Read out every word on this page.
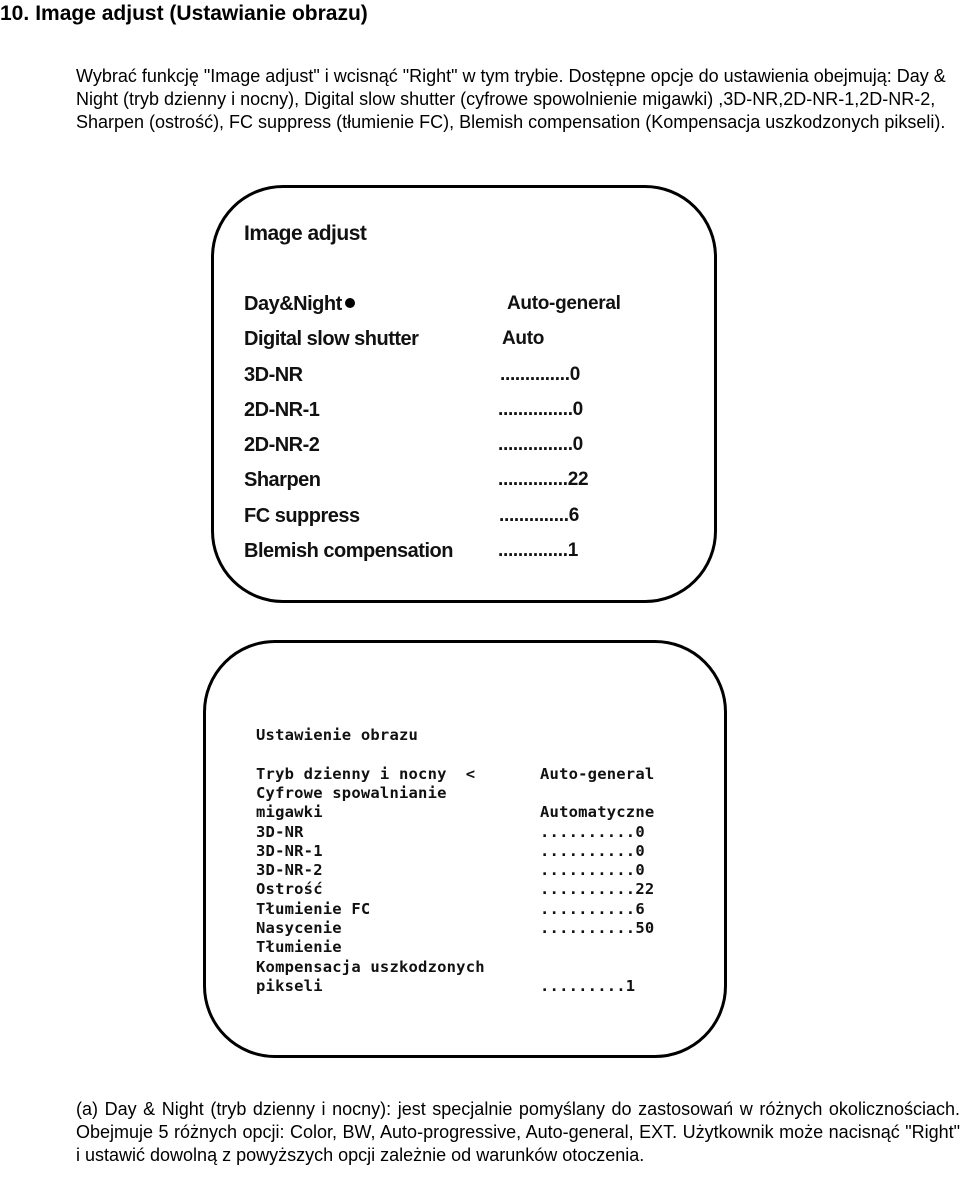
10. Image adjust (Ustawianie obrazu)

Wybrać funkcję "Image adjust" i wcisnąć "Right" w tym trybie. Dostępne opcje do ustawienia obejmują: Day & Night (tryb dzienny i nocny), Digital slow shutter (cyfrowe spowolnienie migawki) ,3D-NR,2D-NR-1,2D-NR-2, Sharpen (ostrość), FC suppress (tłumienie FC), Blemish compensation (Kompensacja uszkodzonych pikseli).

Image adjust
Day&Night	Auto-general
Digital slow shutter	Auto
3D-NR	..............0
2D-NR-1	...............0
2D-NR-2	...............0
Sharpen	..............22
FC suppress	..............6
Blemish compensation ..............1
Ustawienie obrazu
Tryb dzienny i nocny  <	Auto-general
Cyfrowe spowalnianie
migawki	Automatyczne
3D-NR	..........0
3D-NR-1	..........0
3D-NR-2	..........0
Ostrość	..........22
Tłumienie FC	..........6
Nasycenie	..........50
Tłumienie
Kompensacja uszkodzonych
pikseli	.........1

(a) Day & Night (tryb dzienny i nocny): jest specjalnie pomyślany do zastosowań w różnych okolicznościach. Obejmuje 5 różnych opcji: Color, BW, Auto-progressive, Auto-general, EXT. Użytkownik może nacisnąć "Right" i ustawić dowolną z powyższych opcji zależnie od warunków otoczenia.
